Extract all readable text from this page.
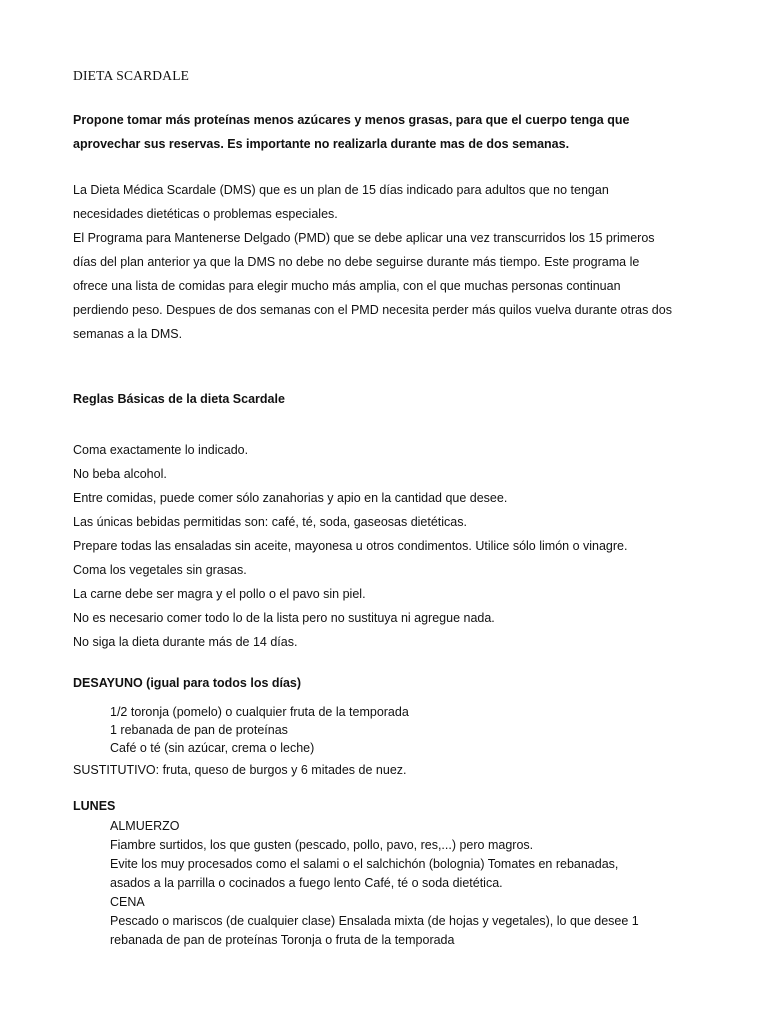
DIETA SCARDALE
Propone tomar más proteínas menos azúcares y menos grasas, para que el cuerpo tenga que
aprovechar sus reservas. Es importante no realizarla durante mas de dos semanas.
La Dieta Médica Scardale (DMS) que es un plan de 15 días indicado para adultos que no tengan
necesidades dietéticas o problemas especiales.
El Programa para Mantenerse Delgado (PMD) que se debe aplicar una vez transcurridos los 15 primeros
días del plan anterior ya que la DMS no debe no debe seguirse durante más tiempo. Este programa le
ofrece una lista de comidas para elegir mucho más amplia, con el que muchas personas continuan
perdiendo peso. Despues de dos semanas con el PMD necesita perder más quilos vuelva durante otras dos
semanas a la DMS.
Reglas Básicas de la dieta Scardale
Coma exactamente lo indicado.
No beba alcohol.
Entre comidas, puede comer sólo zanahorias y apio en la cantidad que desee.
Las únicas bebidas permitidas son: café, té, soda, gaseosas dietéticas.
Prepare todas las ensaladas sin aceite, mayonesa u otros condimentos. Utilice sólo limón o vinagre.
Coma los vegetales sin grasas.
La carne debe ser magra y el pollo o el pavo sin piel.
No es necesario comer todo lo de la lista pero no sustituya ni agregue nada.
No siga la dieta durante más de 14 días.
DESAYUNO (igual para todos los días)
1/2 toronja (pomelo) o cualquier fruta de la temporada
1 rebanada de pan de proteínas
Café o té (sin azúcar, crema o leche)
SUSTITUTIVO: fruta, queso de burgos y 6 mitades de nuez.
LUNES
ALMUERZO
Fiambre surtidos, los que gusten (pescado, pollo, pavo, res,...) pero magros.
Evite los muy procesados como el salami o el salchichón (bolognia) Tomates en rebanadas,
asados a la parrilla o cocinados a fuego lento Café, té o soda dietética.
CENA
Pescado o mariscos (de cualquier clase) Ensalada mixta (de hojas y vegetales), lo que desee 1
rebanada de pan de proteínas Toronja o fruta de la temporada
